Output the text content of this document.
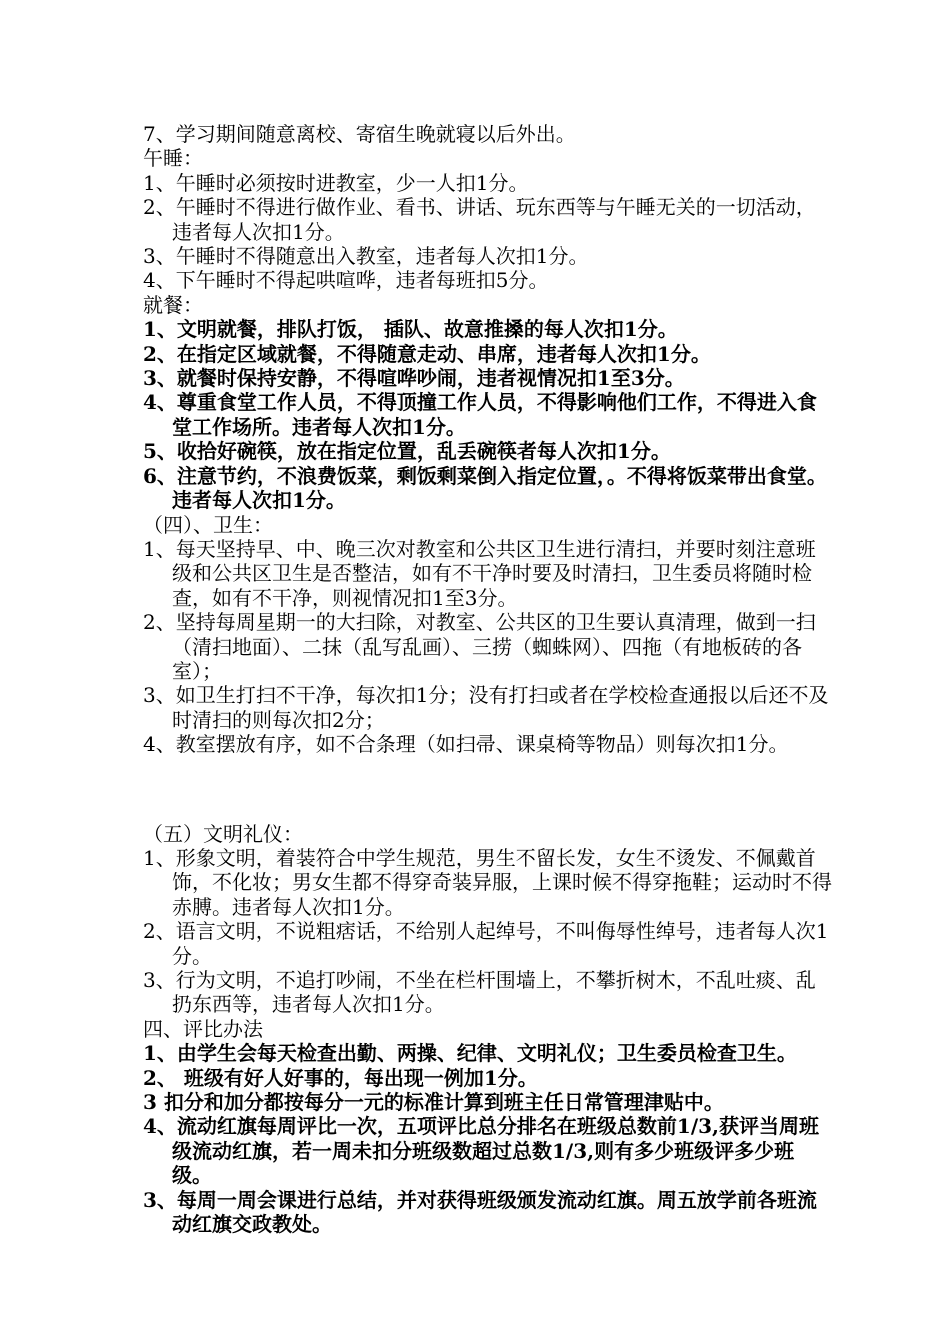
7、学习期间随意离校、寄宿生晚就寝以后外出。

午睡：

1、午睡时必须按时进教室，少一人扣1分。

2、午睡时不得进行做作业、看书、讲话、玩东西等与午睡无关的一切活动，违者每人次扣1分。

3、午睡时不得随意出入教室，违者每人次扣1分。

4、下午睡时不得起哄喧哗，违者每班扣5分。

就餐：

1、文明就餐，排队打饭， 插队、故意推搡的每人次扣1分。

2、在指定区域就餐，不得随意走动、串席，违者每人次扣1分。

3、就餐时保持安静，不得喧哗吵闹，违者视情况扣1至3分。

4、尊重食堂工作人员，不得顶撞工作人员，不得影响他们工作，不得进入食堂工作场所。违者每人次扣1分。

5、收拾好碗筷，放在指定位置，乱丢碗筷者每人次扣1分。

6、注意节约，不浪费饭菜，剩饭剩菜倒入指定位置，。不得将饭菜带出食堂。违者每人次扣1分。

（四）、卫生：

1、每天坚持早、中、晚三次对教室和公共区卫生进行清扫，并要时刻注意班级和公共区卫生是否整洁，如有不干净时要及时清扫，卫生委员将随时检查，如有不干净，则视情况扣1至3分。

2、坚持每周星期一的大扫除，对教室、公共区的卫生要认真清理，做到一扫（清扫地面）、二抹（乱写乱画）、三捞（蜘蛛网）、四拖（有地板砖的各室）；

3、如卫生打扫不干净，每次扣1分；没有打扫或者在学校检查通报以后还不及时清扫的则每次扣2分；

4、教室摆放有序，如不合条理（如扫帚、课桌椅等物品）则每次扣1分。

（五）文明礼仪：

1、形象文明，着装符合中学生规范，男生不留长发，女生不烫发、不佩戴首饰，不化妆；男女生都不得穿奇装异服，上课时候不得穿拖鞋；运动时不得赤膊。违者每人次扣1分。

2、语言文明，不说粗痞话，不给别人起绰号，不叫侮辱性绰号，违者每人次1分。

3、行为文明，不追打吵闹，不坐在栏杆围墙上，不攀折树木，不乱吐痰、乱扔东西等，违者每人次扣1分。

四、评比办法

1、由学生会每天检查出勤、两操、纪律、文明礼仪；卫生委员检查卫生。

2、 班级有好人好事的，每出现一例加1分。

3 扣分和加分都按每分一元的标准计算到班主任日常管理津贴中。

4、流动红旗每周评比一次，五项评比总分排名在班级总数前1/3,获评当周班级流动红旗，若一周未扣分班级数超过总数1/3,则有多少班级评多少班级。

3、每周一周会课进行总结，并对获得班级颁发流动红旗。周五放学前各班流动红旗交政教处。
